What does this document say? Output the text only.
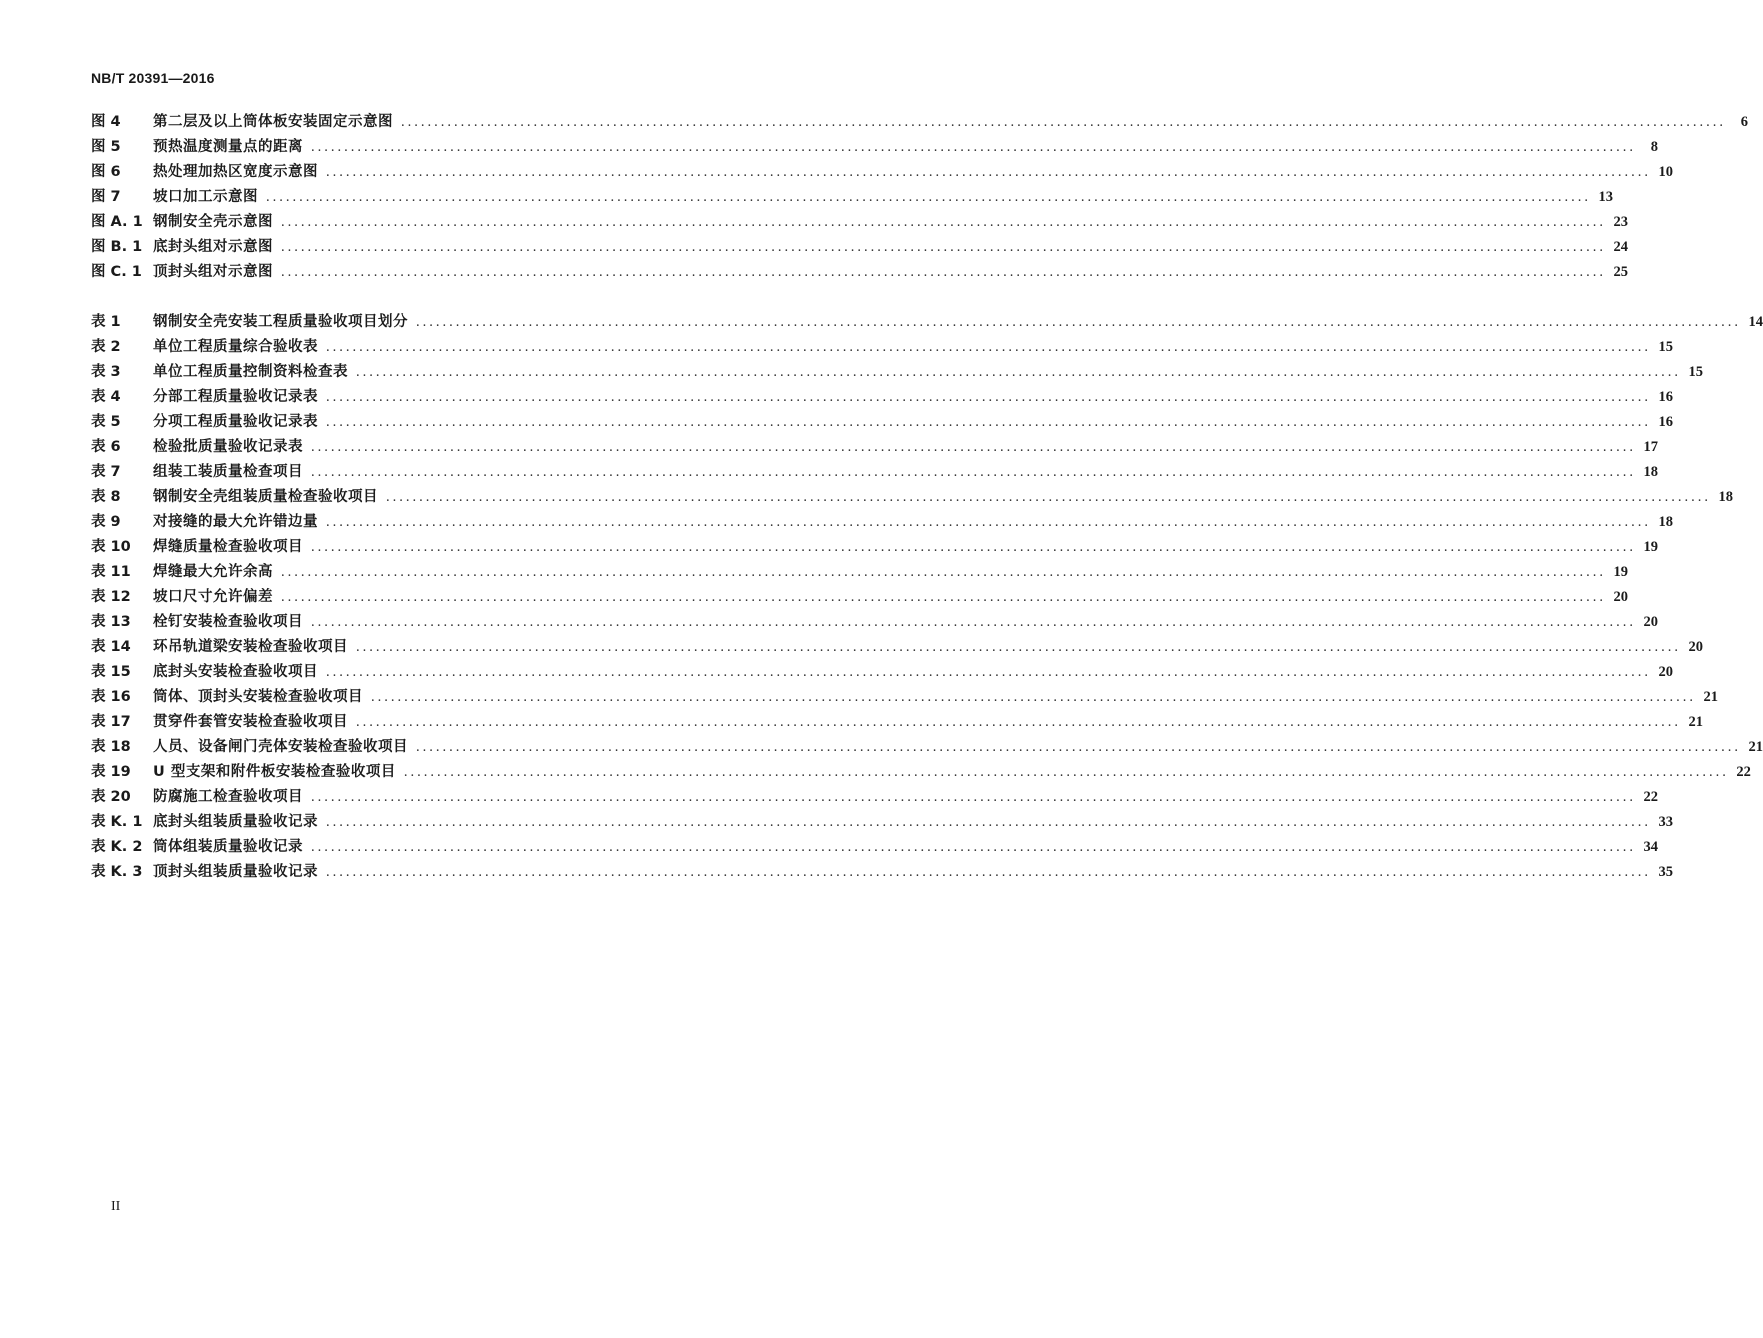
NB/T 20391—2016
图 4	第二层及以上筒体板安装固定示意图 ........................................................................................................................................................................................................	6
图 5	预热温度测量点的距离 ........................................................................................................................................................................................................	8
图 6	热处理加热区宽度示意图 ........................................................................................................................................................................................................ 10
图 7	坡口加工示意图 ........................................................................................................................................................................................................ 13
图 A. 1 钢制安全壳示意图 ........................................................................................................................................................................................................ 23
图 B. 1 底封头组对示意图 ........................................................................................................................................................................................................ 24
图 C. 1 顶封头组对示意图 ........................................................................................................................................................................................................ 25
表 1	钢制安全壳安装工程质量验收项目划分 ........................................................................................................................................................................................................ 14
表 2	单位工程质量综合验收表 ........................................................................................................................................................................................................ 15
表 3	单位工程质量控制资料检查表 ........................................................................................................................................................................................................ 15
表 4	分部工程质量验收记录表 ........................................................................................................................................................................................................ 16
表 5	分项工程质量验收记录表 ........................................................................................................................................................................................................ 16
表 6	检验批质量验收记录表 ........................................................................................................................................................................................................ 17
表 7	组装工装质量检查项目 ........................................................................................................................................................................................................ 18
表 8	钢制安全壳组装质量检查验收项目 ........................................................................................................................................................................................................ 18
表 9	对接缝的最大允许错边量 ........................................................................................................................................................................................................ 18
表 10	焊缝质量检查验收项目 ........................................................................................................................................................................................................ 19
表 11	焊缝最大允许余高 ........................................................................................................................................................................................................ 19
表 12	坡口尺寸允许偏差 ........................................................................................................................................................................................................ 20
表 13	栓钉安装检查验收项目 ........................................................................................................................................................................................................ 20
表 14	环吊轨道梁安装检查验收项目 ........................................................................................................................................................................................................ 20
表 15	底封头安装检查验收项目 ........................................................................................................................................................................................................ 20
表 16	筒体、顶封头安装检查验收项目 ........................................................................................................................................................................................................ 21
表 17	贯穿件套管安装检查验收项目 ........................................................................................................................................................................................................ 21
表 18	人员、设备闸门壳体安装检查验收项目 ........................................................................................................................................................................................................ 21
表 19	U 型支架和附件板安装检查验收项目 ........................................................................................................................................................................................................ 22
表 20	防腐施工检查验收项目 ........................................................................................................................................................................................................ 22
表 K. 1 底封头组装质量验收记录 ........................................................................................................................................................................................................ 33
表 K. 2 筒体组装质量验收记录 ........................................................................................................................................................................................................ 34
表 K. 3 顶封头组装质量验收记录 ........................................................................................................................................................................................................ 35
II
